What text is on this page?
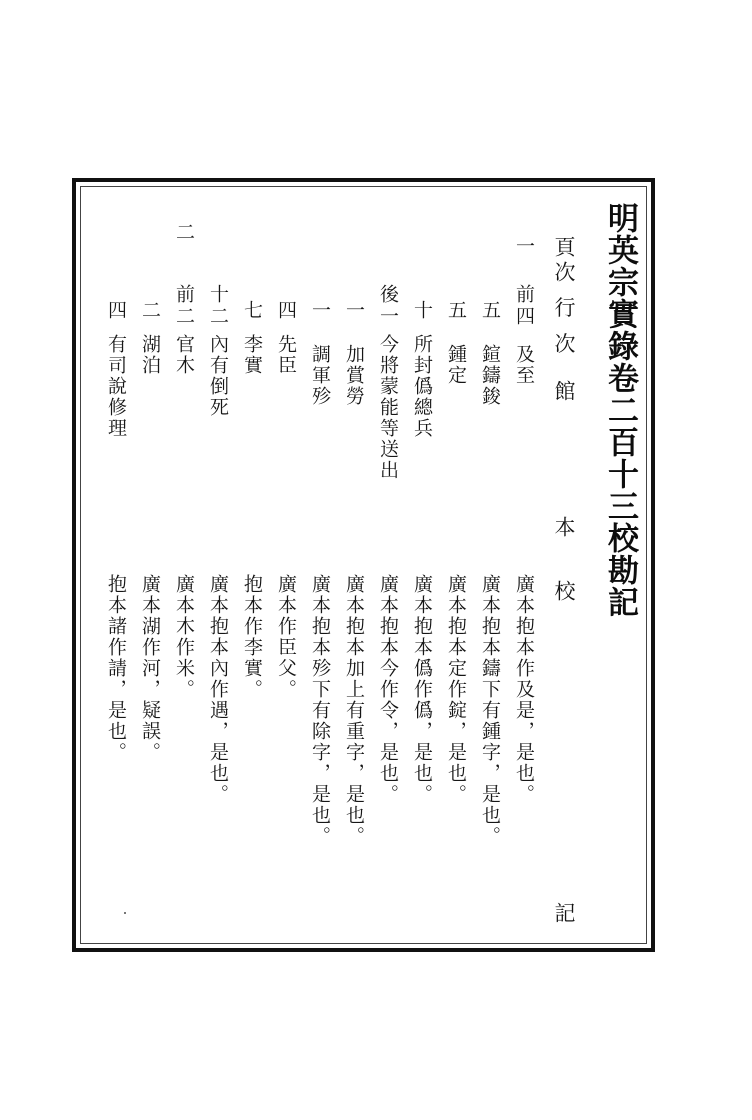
明英宗實錄卷二百十三校勘記
頁次 行 次
館
本
校
記
一
前四
及至
廣本抱本作及是，是也。
五
鍹鑄鋑
廣本抱本鑄下有鍾字，是也。
五
鍾定
廣本抱本定作錠，是也。
十
所封僞總兵
廣本抱本僞作僞，是也。
後一
今將蒙能等送出
廣本抱本今作令，是也。
一
加賞勞
廣本抱本加上有重字，是也。
一
調軍殄
廣本抱本殄下有除字，是也。
四
先臣
廣本作臣父。
七
李實
抱本作李實。
十二
內有倒死
廣本抱本內作遇，是也。
二
前二
官木
廣本木作米。
二
湖泊
廣本湖作河，疑誤。
四
有司說修理
抱本諸作請，是也。
